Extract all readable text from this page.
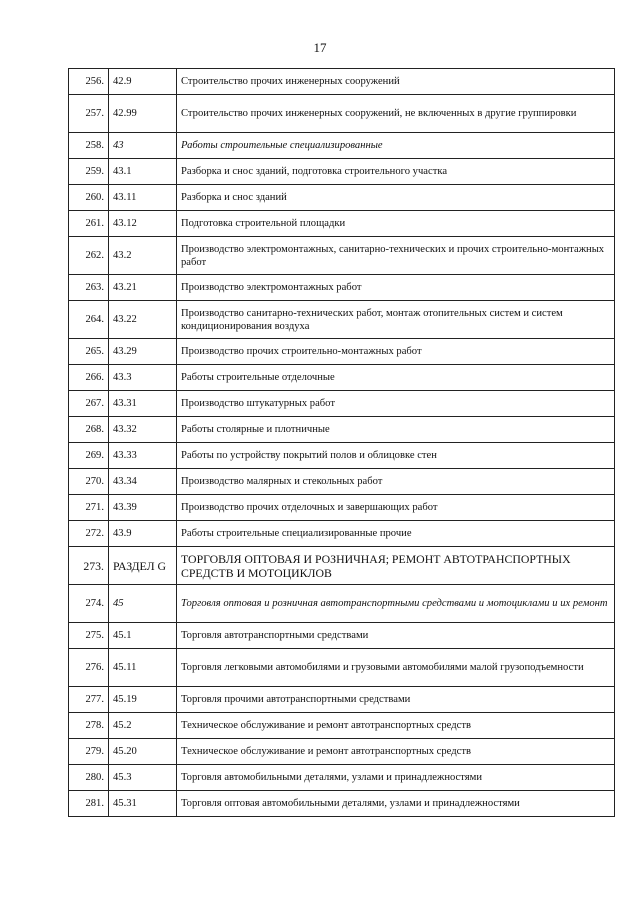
17
256.	42.9	Строительство прочих инженерных сооружений
257.	42.99	Строительство прочих инженерных сооружений, не включенных в другие группировки
258.	43	Работы строительные специализированные
259.	43.1	Разборка и снос зданий, подготовка строительного участка
260.	43.11	Разборка и снос зданий
261.	43.12	Подготовка строительной площадки
262.	43.2	Производство электромонтажных, санитарно-технических и прочих строительно-монтажных работ
263.	43.21	Производство электромонтажных работ
264.	43.22	Производство санитарно-технических работ, монтаж отопительных систем и систем кондиционирования воздуха
265.	43.29	Производство прочих строительно-монтажных работ
266.	43.3	Работы строительные отделочные
267.	43.31	Производство штукатурных работ
268.	43.32	Работы столярные и плотничные
269.	43.33	Работы по устройству покрытий полов и облицовке стен
270.	43.34	Производство малярных и стекольных работ
271.	43.39	Производство прочих отделочных и завершающих работ
272.	43.9	Работы строительные специализированные прочие
273.	РАЗДЕЛ G	ТОРГОВЛЯ ОПТОВАЯ И РОЗНИЧНАЯ; РЕМОНТ АВТОТРАНСПОРТНЫХ СРЕДСТВ И МОТОЦИКЛОВ
274.	45	Торговля оптовая и розничная автотранспортными средствами и мотоциклами и их ремонт
275.	45.1	Торговля автотранспортными средствами
276.	45.11	Торговля легковыми автомобилями и грузовыми автомобилями малой грузоподъемности
277.	45.19	Торговля прочими автотранспортными средствами
278.	45.2	Техническое обслуживание и ремонт автотранспортных средств
279.	45.20	Техническое обслуживание и ремонт автотранспортных средств
280.	45.3	Торговля автомобильными деталями, узлами и принадлежностями
281.	45.31	Торговля оптовая автомобильными деталями, узлами и принадлежностями
